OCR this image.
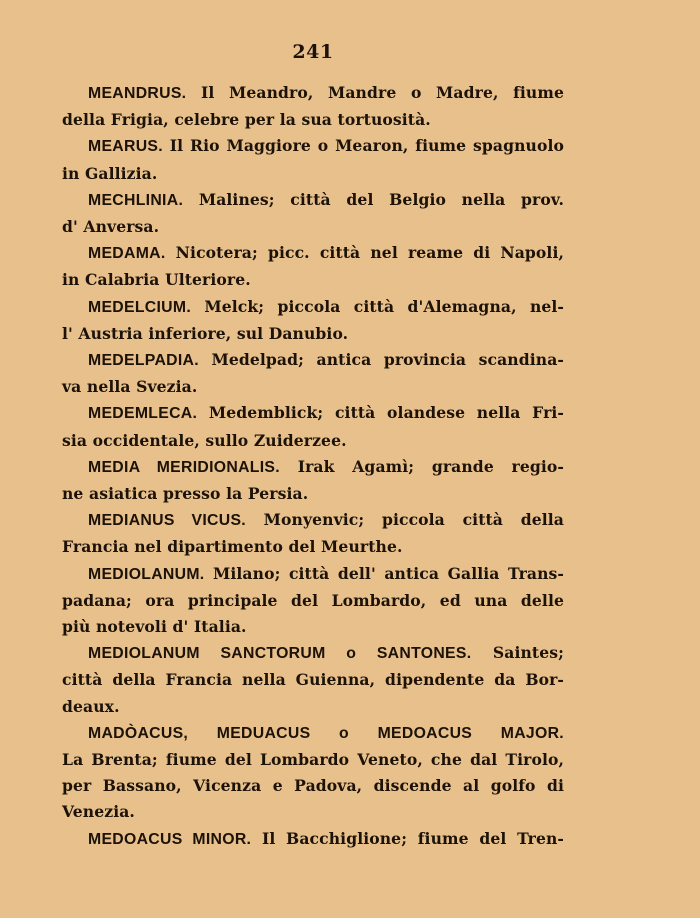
241

MEANDRUS. Il Meandro, Mandre o Madre, fiume
della Frigia, celebre per la sua tortuosità.

MEARUS. Il Rio Maggiore o Mearon, fiume spagnuolo
in Gallizia.

MECHLINIA. Malines; città del Belgio nella prov.
d' Anversa.

MEDAMA. Nicotera; picc. città nel reame di Napoli,
in Calabria Ulteriore.

MEDELCIUM. Melck; piccola città d'Alemagna, nel-
l' Austria inferiore, sul Danubio.

MEDELPADIA. Medelpad; antica provincia scandina-
va nella Svezia.

MEDEMLECA. Medemblick; città olandese nella Fri-
sia occidentale, sullo Zuiderzee.

MEDIA MERIDIONALIS. Irak Agamì; grande regio-
ne asiatica presso la Persia.

MEDIANUS VICUS. Monyenvic; piccola città della
Francia nel dipartimento del Meurthe.

MEDIOLANUM. Milano; città dell' antica Gallia Trans-
padana; ora principale del Lombardo, ed una delle
più notevoli d' Italia.

MEDIOLANUM SANCTORUM o SANTONES. Saintes;
città della Francia nella Guienna, dipendente da Bor-
deaux.

MADÒACUS, MEDUACUS o MEDOACUS MAJOR.
La Brenta; fiume del Lombardo Veneto, che dal Tirolo,
per Bassano, Vicenza e Padova, discende al golfo di
Venezia.

MEDOACUS MINOR. Il Bacchiglione; fiume del Tren-
